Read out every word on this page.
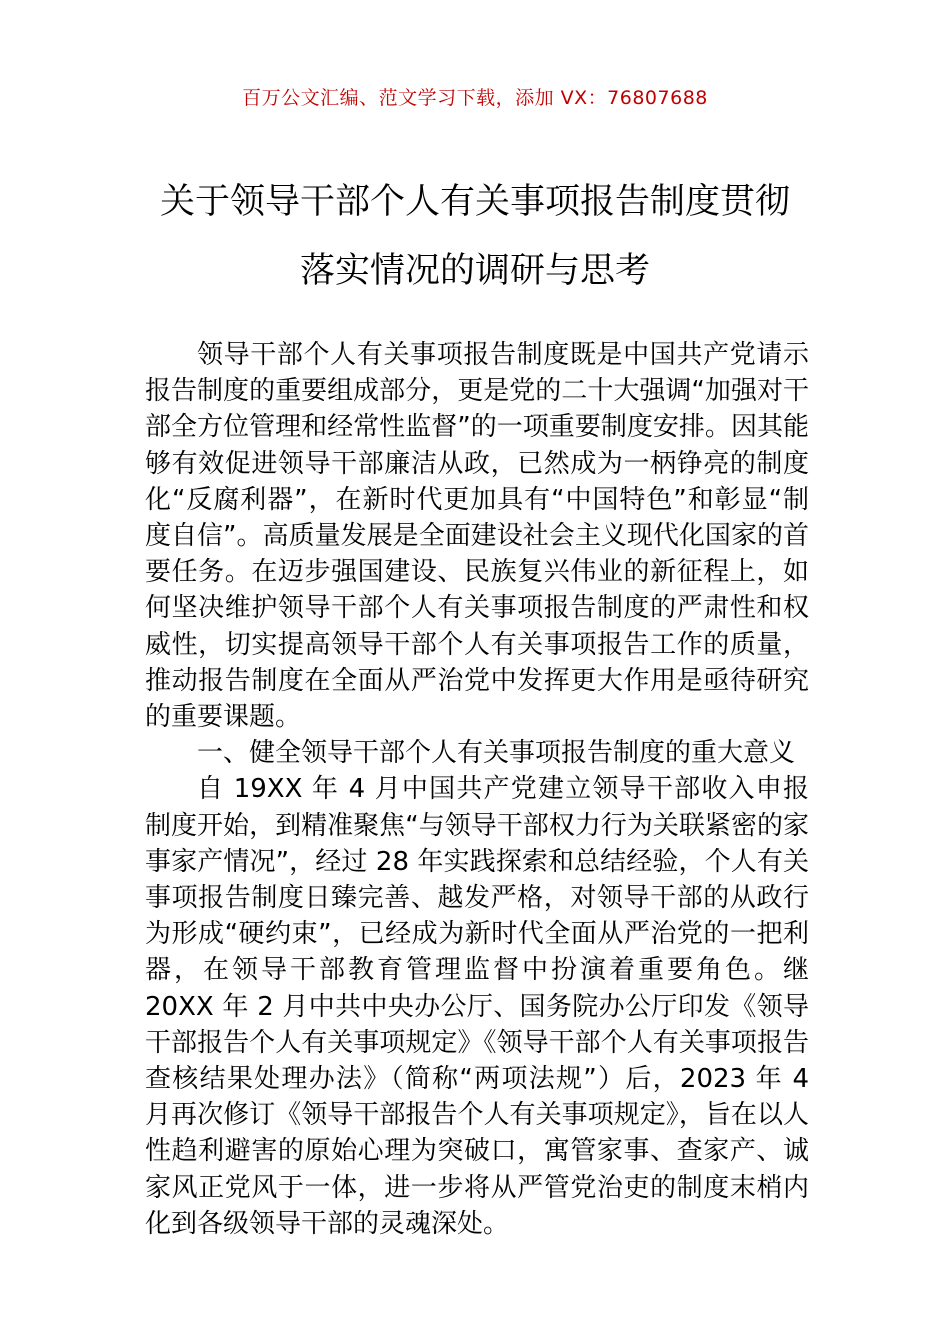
百万公文汇编、范文学习下载，添加 VX：76807688
关于领导干部个人有关事项报告制度贯彻
落实情况的调研与思考

领导干部个人有关事项报告制度既是中国共产党请示报告制度的重要组成部分，更是党的二十大强调“加强对干部全方位管理和经常性监督”的一项重要制度安排。因其能够有效促进领导干部廉洁从政，已然成为一柄铮亮的制度化“反腐利器”，在新时代更加具有“中国特色”和彰显“制度自信”。高质量发展是全面建设社会主义现代化国家的首要任务。在迈步强国建设、民族复兴伟业的新征程上，如何坚决维护领导干部个人有关事项报告制度的严肃性和权威性，切实提高领导干部个人有关事项报告工作的质量，推动报告制度在全面从严治党中发挥更大作用是亟待研究的重要课题。

一、健全领导干部个人有关事项报告制度的重大意义

自 19XX 年 4 月中国共产党建立领导干部收入申报制度开始，到精准聚焦“与领导干部权力行为关联紧密的家事家产情况”，经过 28 年实践探索和总结经验，个人有关事项报告制度日臻完善、越发严格，对领导干部的从政行为形成“硬约束”，已经成为新时代全面从严治党的一把利器，在领导干部教育管理监督中扮演着重要角色。继 20XX 年 2 月中共中央办公厅、国务院办公厅印发《领导干部报告个人有关事项规定》《领导干部个人有关事项报告查核结果处理办法》（简称“两项法规”）后，2023 年 4 月再次修订《领导干部报告个人有关事项规定》，旨在以人性趋利避害的原始心理为突破口，寓管家事、查家产、诚家风正党风于一体，进一步将从严管党治吏的制度末梢内化到各级领导干部的灵魂深处。
